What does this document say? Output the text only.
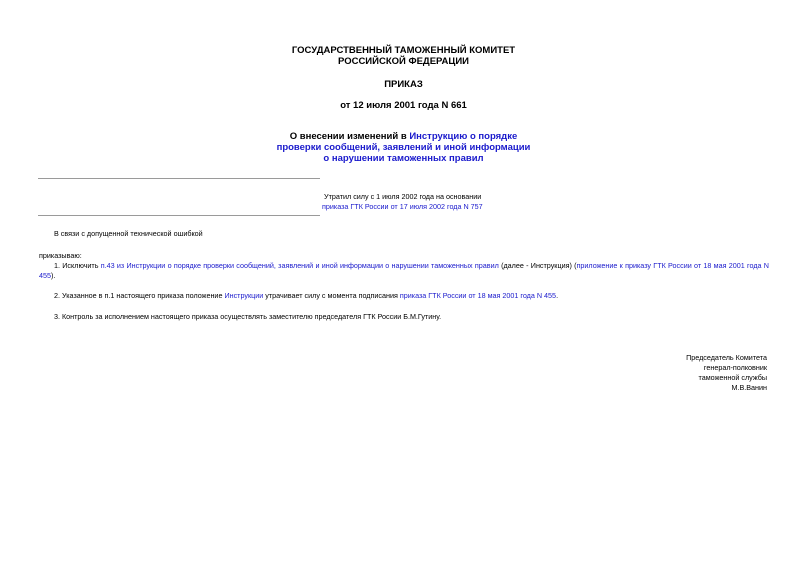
ГОСУДАРСТВЕННЫЙ ТАМОЖЕННЫЙ КОМИТЕТ
РОССИЙСКОЙ ФЕДЕРАЦИИ
ПРИКАЗ
от 12 июля 2001 года N 661
О внесении изменений в Инструкцию о порядке
проверки сообщений, заявлений и иной информации
о нарушении таможенных правил
Утратил силу с 1 июля 2002 года на основании
приказа ГТК России от 17 июля 2002 года N 757
В связи с допущенной технической ошибкой
приказываю:
1. Исключить п.43 из Инструкции о порядке проверки сообщений, заявлений и иной информации о нарушении таможенных правил (далее - Инструкция) (приложение к приказу ГТК России от 18 мая 2001 года N 455).
2. Указанное в п.1 настоящего приказа положение Инструкции утрачивает силу с момента подписания приказа ГТК России от 18 мая 2001 года N 455.
3. Контроль за исполнением настоящего приказа осуществлять заместителю председателя ГТК России Б.М.Гутину.
Председатель Комитета
генерал-полковник
таможенной службы
М.В.Ванин
